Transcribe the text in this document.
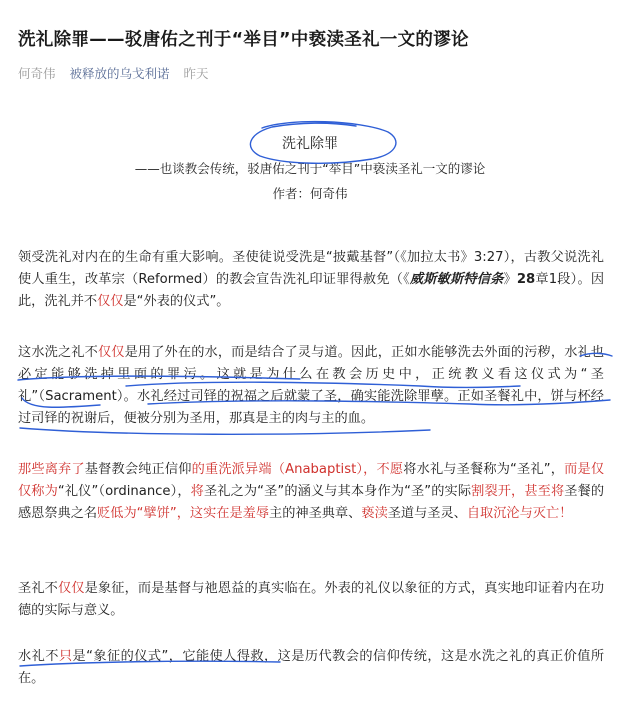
洗礼除罪——驳唐佑之刊于“举目”中亵渎圣礼一文的谬论
何奇伟 被释放的乌戈利诺 昨天
洗礼除罪
——也谈教会传统，驳唐佑之刊于“举目”中亵渎圣礼一文的谬论
作者：何奇伟
领受洗礼对内在的生命有重大影响。圣使徒说受洗是“披戴基督”（《加拉太书》3:27），古教父说洗礼使人重生，改革宗（Reformed）的教会宣告洗礼印证罪得赦免（《威斯敏斯特信条》28章1段）。因此，洗礼并不仅仅是“外表的仪式”。
这水洗之礼不仅仅是用了外在的水，而是结合了灵与道。因此，正如水能够洗去外面的污秽，水礼也必定能够洗掉里面的罪污。这就是为什么在教会历史中，正统教义看这仪式为“圣礼”（Sacrament）。水礼经过司铎的祝福之后就蒙了圣，确实能洗除罪孽。正如圣餐礼中，饼与杯经过司铎的祝谢后，便被分别为圣用，那真是主的肉与主的血。
那些离弃了基督教会纯正信仰的重洗派异端（Anabaptist），不愿将水礼与圣餐称为“圣礼”，而是仅仅称为“礼仪”（ordinance），将圣礼之为“圣”的涵义与其本身作为“圣”的实际割裂开，甚至将圣餐的感恩祭典之名贬低为“擘饼”，这实在是羞辱主的神圣典章、亵渎圣道与圣灵、自取沉沦与灭亡！
圣礼不仅仅是象征，而是基督与祂恩益的真实临在。外表的礼仪以象征的方式，真实地印证着内在功德的实际与意义。
水礼不只是“象征的仪式”，它能使人得救，这是历代教会的信仰传统，这是水洗之礼的真正价值所在。
